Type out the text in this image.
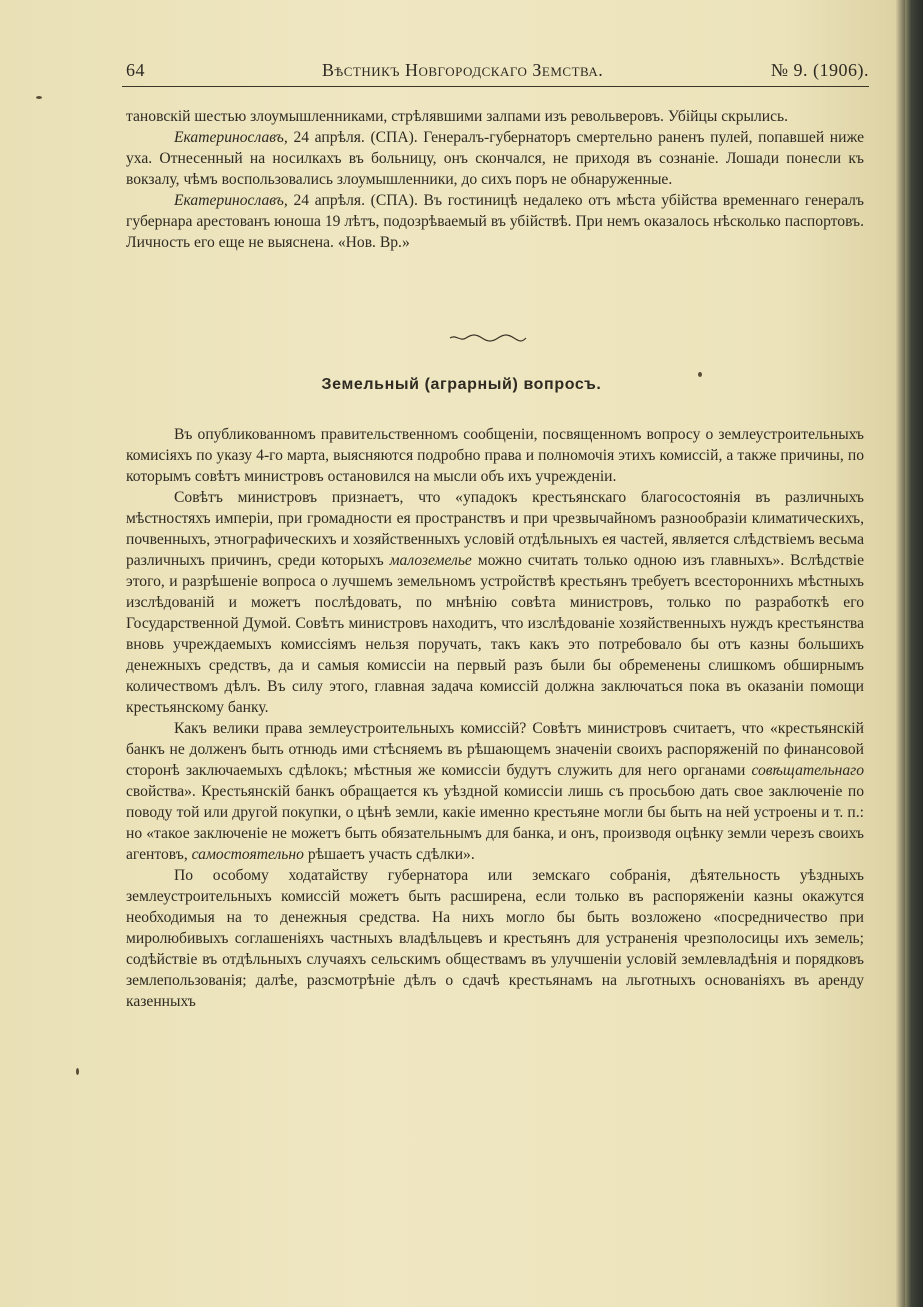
64	Вѣстникъ Новгородскаго Земства.	№ 9. (1906).

тановскій шестью злоумышленниками, стрѣлявшими залпами изъ револьверовъ. Убійцы скрылись.

Екатеринославъ, 24 апрѣля. (СПА). Генералъ-губернаторъ смертельно раненъ пулей, попавшей ниже уха. Отнесенный на носилкахъ въ больницу, онъ скончался, не приходя въ сознаніе. Лошади понесли къ вокзалу, чѣмъ воспользовались злоумышленники, до сихъ поръ не обнаруженные.

Екатеринославъ, 24 апрѣля. (СПА). Въ гостиницѣ недалеко отъ мѣста убійства временнаго генералъ губернара арестованъ юноша 19 лѣтъ, подозрѣваемый въ убійствѣ. При немъ оказалось нѣсколько паспортовъ. Личность его еще не выяснена. «Нов. Вр.»

Земельный (аграрный) вопросъ.

Въ опубликованномъ правительственномъ сообщеніи, посвященномъ вопросу о землеустроительныхъ комисіяхъ по указу 4-го марта, выясняются подробно права и полномочія этихъ комиссій, а также причины, по которымъ совѣтъ министровъ остановился на мысли объ ихъ учрежденіи.

Совѣтъ министровъ признаетъ, что «упадокъ крестьянскаго благосостоянія въ различныхъ мѣстностяхъ имперіи, при громадности ея пространствъ и при чрезвычайномъ разнообразіи климатическихъ, почвенныхъ, этнографическихъ и хозяйственныхъ условій отдѣльныхъ ея частей, является слѣдствіемъ весьма различныхъ причинъ, среди которыхъ малоземелье можно считать только одною изъ главныхъ». Вслѣдствіе этого, и разрѣшеніе вопроса о лучшемъ земельномъ устройствѣ крестьянъ требуетъ всестороннихъ мѣстныхъ изслѣдованій и можетъ послѣдовать, по мнѣнію совѣта министровъ, только по разработкѣ его Государственной Думой. Совѣтъ министровъ находитъ, что изслѣдованіе хозяйственныхъ нуждъ крестьянства вновь учреждаемыхъ комиссіямъ нельзя поручать, такъ какъ это потребовало бы отъ казны большихъ денежныхъ средствъ, да и самыя комисcіи на первый разъ были бы обременены слишкомъ обширнымъ количествомъ дѣлъ. Въ силу этого, главная задача комиссій должна заключаться пока въ оказаніи помощи крестьянскому банку.

Какъ велики права землеустроительныхъ комиссій? Совѣтъ министровъ считаетъ, что «крестьянскій банкъ не долженъ быть отнюдь ими стѣсняемъ въ рѣшающемъ значеніи своихъ распоряженій по финансовой сторонѣ заключаемыхъ сдѣлокъ; мѣстныя же комиссіи будутъ служить для него органами совѣщательнаго свойства». Крестьянскій банкъ обращается къ уѣздной комиссіи лишь съ просьбою дать свое заключеніе по поводу той или другой покупки, о цѣнѣ земли, какіе именно крестьяне могли бы быть на ней устроены и т. п.: но «такое заключеніе не можетъ быть обязательнымъ для банка, и онъ, производя оцѣнку земли черезъ своихъ агентовъ, самостоятельно рѣшаетъ участь сдѣлки».

По особому ходатайству губернатора или земскаго собранія, дѣятельность уѣздныхъ землеустроительныхъ комиссій можетъ быть расширена, если только въ распоряженіи казны окажутся необходимыя на то денежныя средства. На нихъ могло бы быть возложено «посредничество при миролюбивыхъ соглашеніяхъ частныхъ владѣльцевъ и крестьянъ для устраненія чрезполосицы ихъ земель; содѣйствіе въ отдѣльныхъ случаяхъ сельскимъ обществамъ въ улучшеніи условій землевладѣнія и порядковъ землепользованія; далѣе, разсмотрѣніе дѣлъ о сдачѣ крестьянамъ на льготныхъ основаніяхъ въ аренду казенныхъ
